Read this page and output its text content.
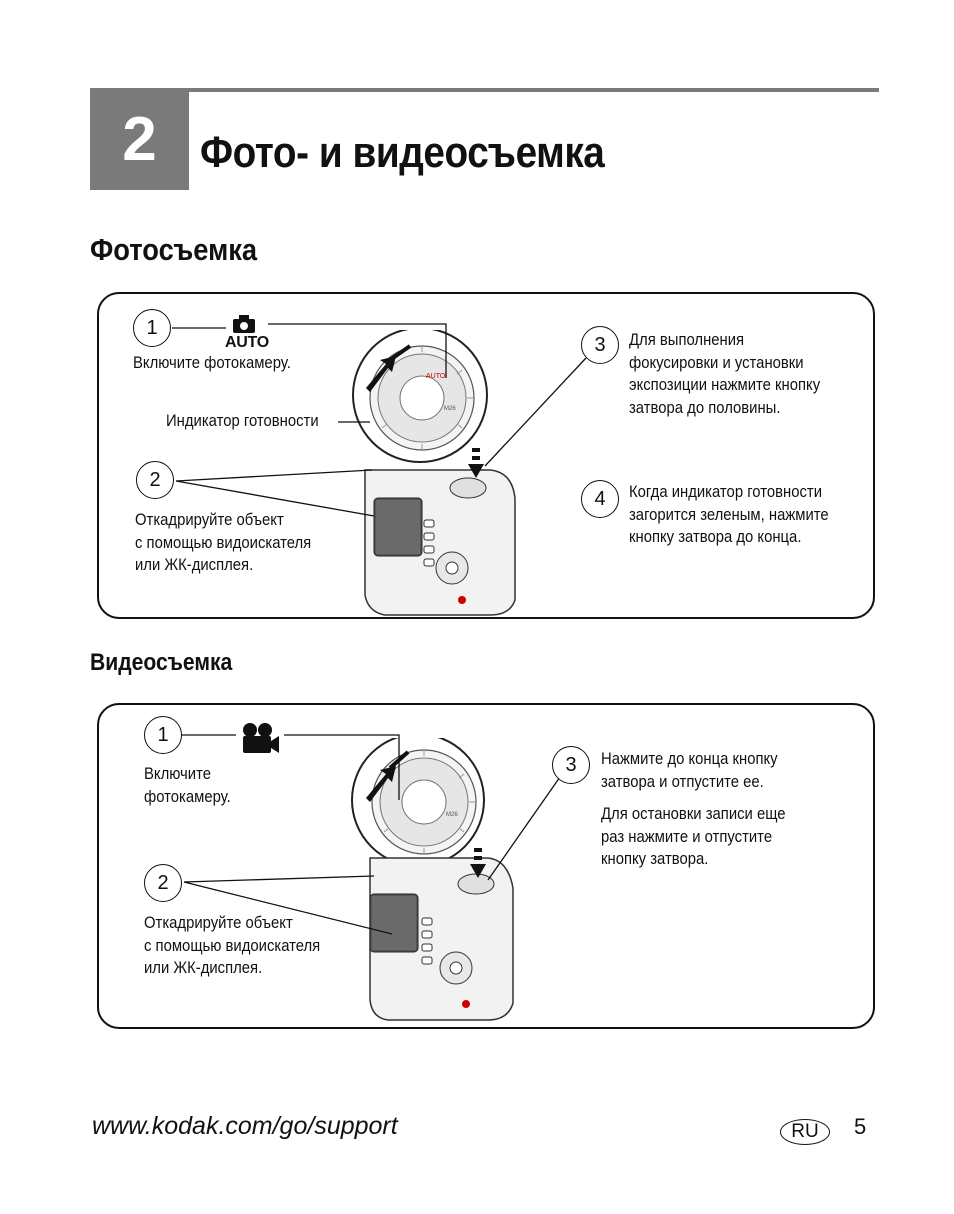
2 Фото- и видеосъемка
Фотосъемка
AUTO
M26
1
AUTO
Включите фотокамеру.
Индикатор готовности
2
Откадрируйте объект
с помощью видоискателя
или ЖК-дисплея.
3	Для выполнения
фокусировки и установки
экспозиции нажмите кнопку
затвора до половины.
4	Когда индикатор готовности
загорится зеленым, нажмите
кнопку затвора до конца.
Видеосъемка
M26
1
Включите
фотокамеру.
2
Откадрируйте объект
с помощью видоискателя
или ЖК-дисплея.
3	Нажмите до конца кнопку
затвора и отпустите ее.
Для остановки записи еще
раз нажмите и отпустите
кнопку затвора.
www.kodak.com/go/support	RU	5
